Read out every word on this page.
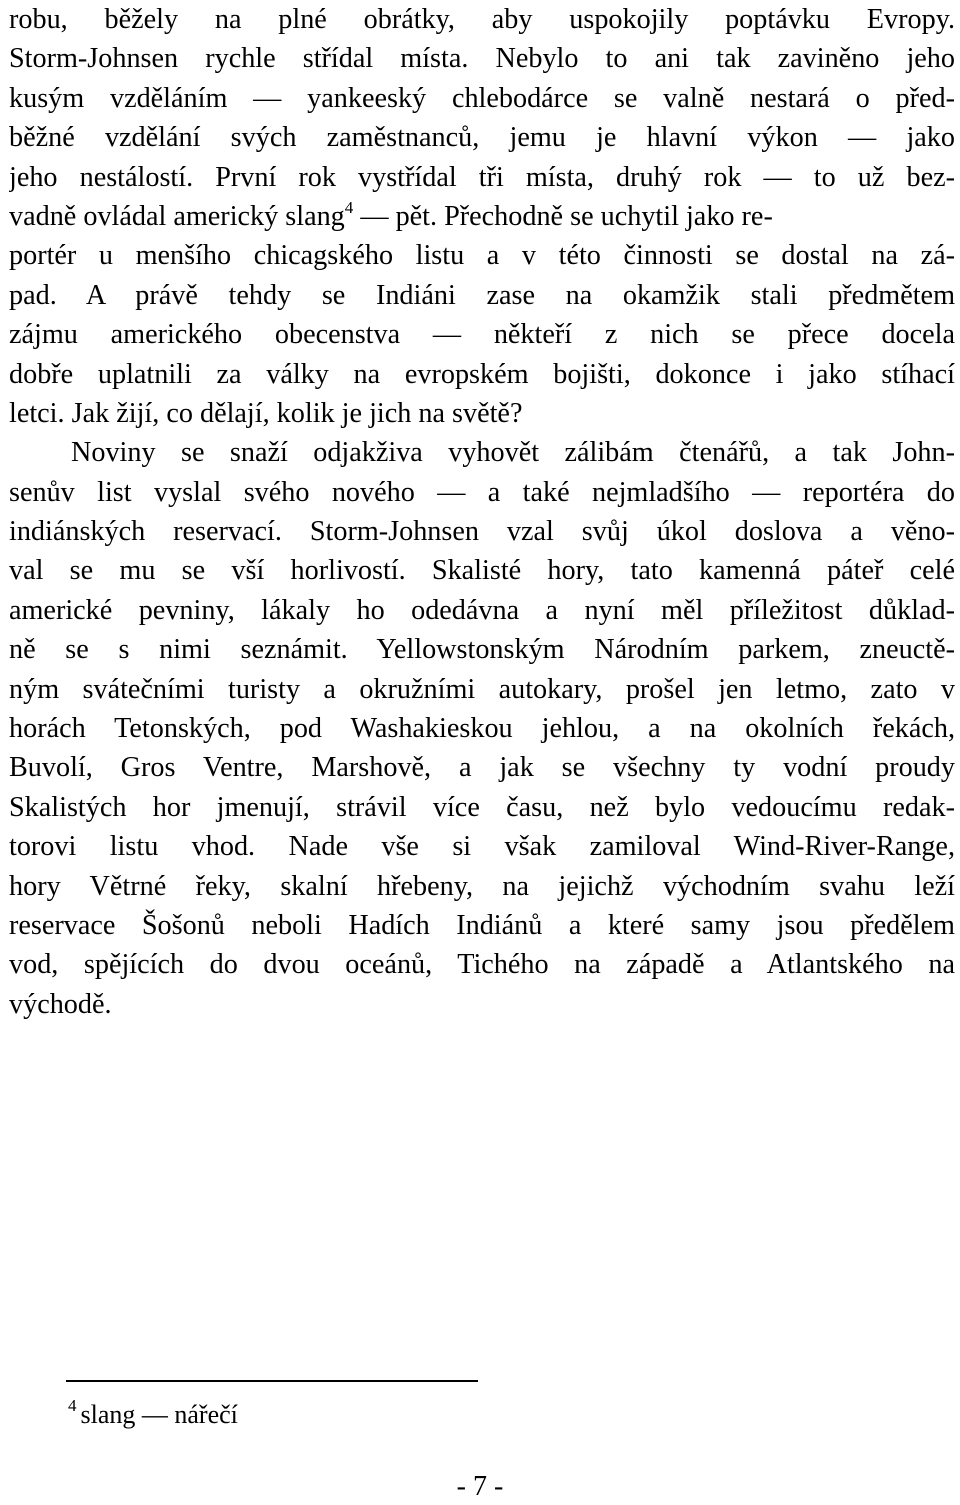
robu, běžely na plné obrátky, aby uspokojily poptávku Evropy.
Storm-Johnsen rychle střídal místa. Nebylo to ani tak zaviněno jeho
kusým vzděláním — yankeeský chlebodárce se valně nestará o před-
běžné vzdělání svých zaměstnanců, jemu je hlavní výkon — jako
jeho nestálostí. První rok vystřídal tři místa, druhý rok — to už bez-
vadně ovládal americký slang$^4$ — pět. Přechodně se uchytil jako re-
portér u menšího chicagského listu a v této činnosti se dostal na zá-
pad. A právě tehdy se Indiáni zase na okamžik stali předmětem
zájmu amerického obecenstva — někteří z nich se přece docela
dobře uplatnili za války na evropském bojišti, dokonce i jako stíhací
letci. Jak žijí, co dělají, kolik je jich na světě?
Noviny se snaží odjakživa vyhovět zálibám čtenářů, a tak John-
senův list vyslal svého nového — a také nejmladšího — reportéra do
indiánských reservací. Storm-Johnsen vzal svůj úkol doslova a věno-
val se mu se vší horlivostí. Skalisté hory, tato kamenná páteř celé
americké pevniny, lákaly ho odedávna a nyní měl příležitost důklad-
ně se s nimi seznámit. Yellowstonským Národním parkem, zneuctě-
ným svátečními turisty a okružními autokary, prošel jen letmo, zato v
horách Tetonských, pod Washakieskou jehlou, a na okolních řekách,
Buvolí, Gros Ventre, Marshově, a jak se všechny ty vodní proudy
Skalistých hor jmenují, strávil více času, než bylo vedoucímu redak-
torovi listu vhod. Nade vše si však zamiloval Wind-River-Range,
hory Větrné řeky, skalní hřebeny, na jejichž východním svahu leží
reservace Šošonů neboli Hadích Indiánů a které samy jsou předělem
vod, spějících do dvou oceánů, Tichého na západě a Atlantského na
východě.
$^4$ slang — nářečí
- 7 -
